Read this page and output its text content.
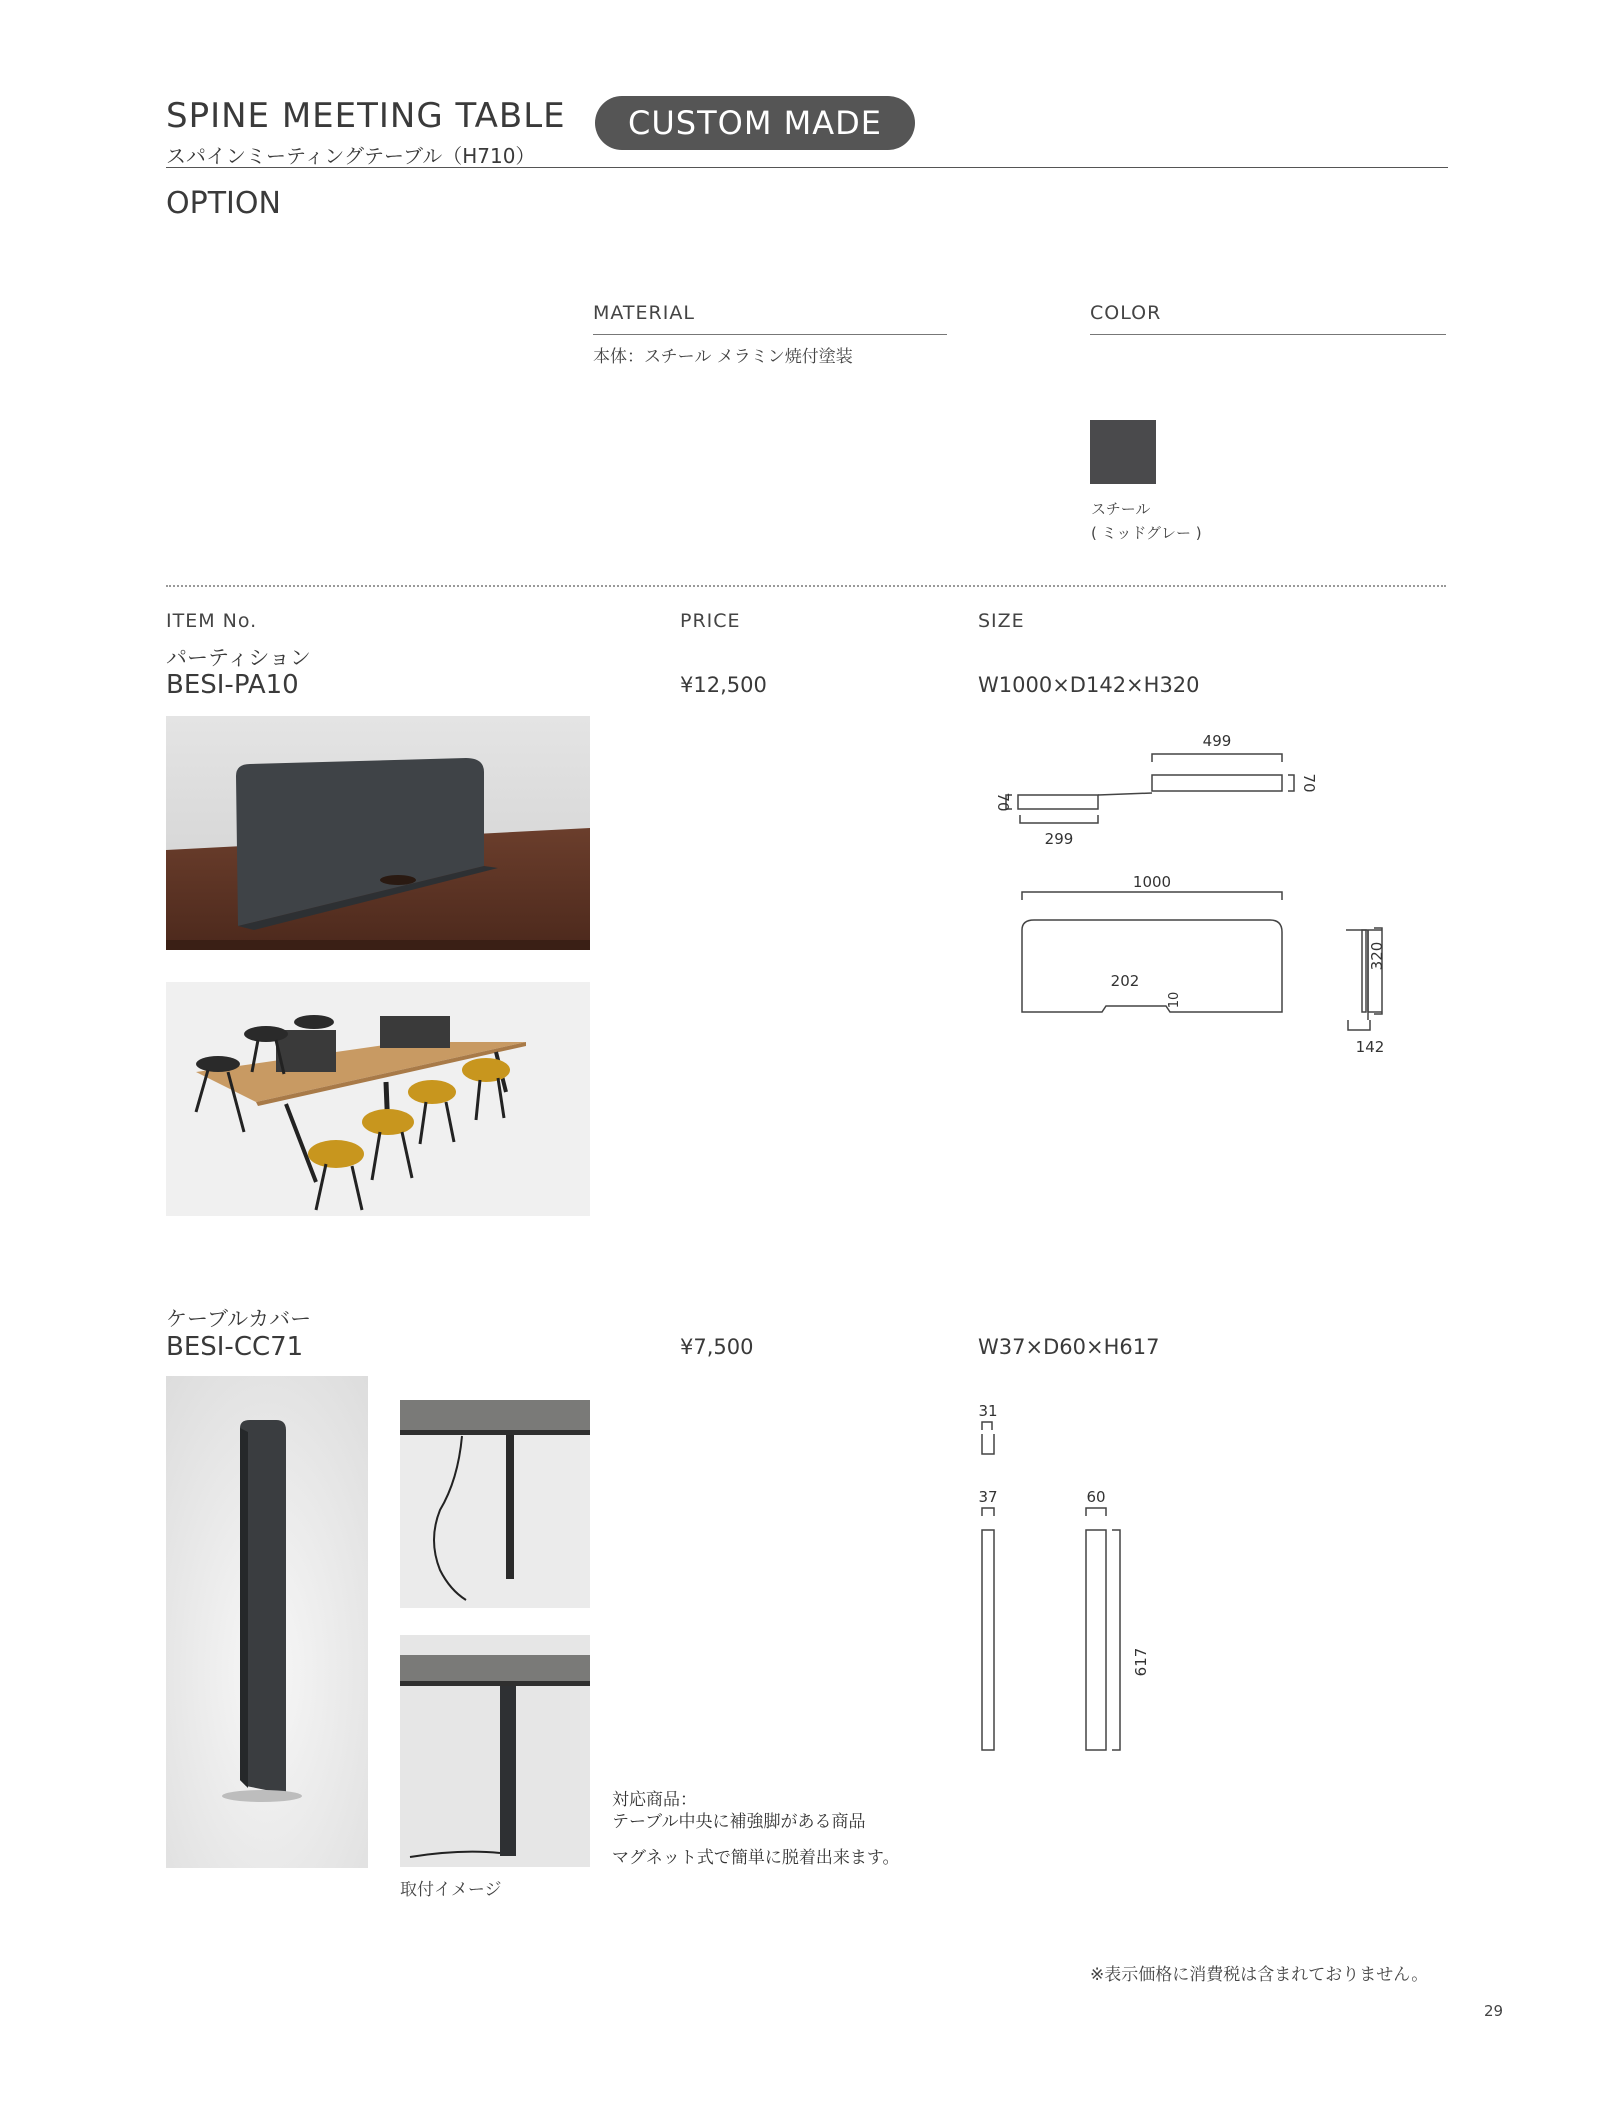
SPINE MEETING TABLE
スパインミーティングテーブル（H710）
CUSTOM MADE
OPTION
MATERIAL
本体：スチール メラミン焼付塗装
COLOR
スチール
( ミッドグレー )
ITEM No.	PRICE	SIZE
パーティション
BESI-PA10	¥12,500	W1000×D142×H320
499
70
70
299
1000
202
10
320
142
ケーブルカバー
BESI-CC71	¥7,500	W37×D60×H617
取付イメージ
対応商品：
テーブル中央に補強脚がある商品
マグネット式で簡単に脱着出来ます。
31
37	60
617
※表示価格に消費税は含まれておりません。
29
